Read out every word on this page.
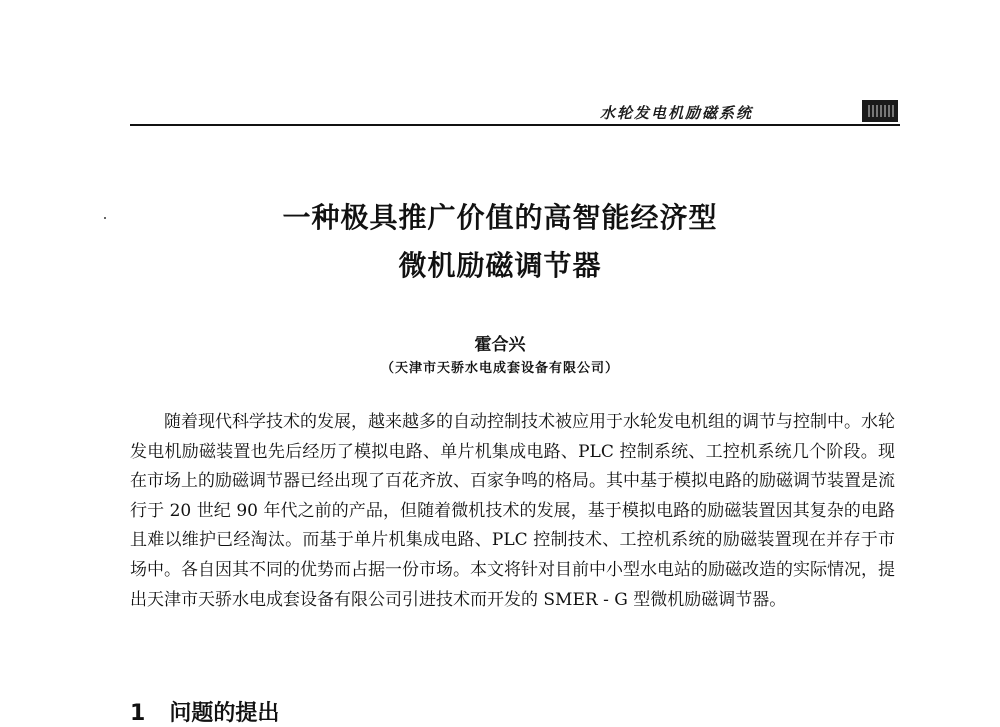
水轮发电机励磁系统
一种极具推广价值的高智能经济型
微机励磁调节器
霍合兴
（天津市天骄水电成套设备有限公司）

随着现代科学技术的发展，越来越多的自动控制技术被应用于水轮发电机组的调节与控制中。水轮发电机励磁装置也先后经历了模拟电路、单片机集成电路、PLC 控制系统、工控机系统几个阶段。现在市场上的励磁调节器已经出现了百花齐放、百家争鸣的格局。其中基于模拟电路的励磁调节装置是流行于 20 世纪 90 年代之前的产品，但随着微机技术的发展，基于模拟电路的励磁装置因其复杂的电路且难以维护已经淘汰。而基于单片机集成电路、PLC 控制技术、工控机系统的励磁装置现在并存于市场中。各自因其不同的优势而占据一份市场。本文将针对目前中小型水电站的励磁改造的实际情况，提出天津市天骄水电成套设备有限公司引进技术而开发的 SMER - G 型微机励磁调节器。

1 问题的提出
